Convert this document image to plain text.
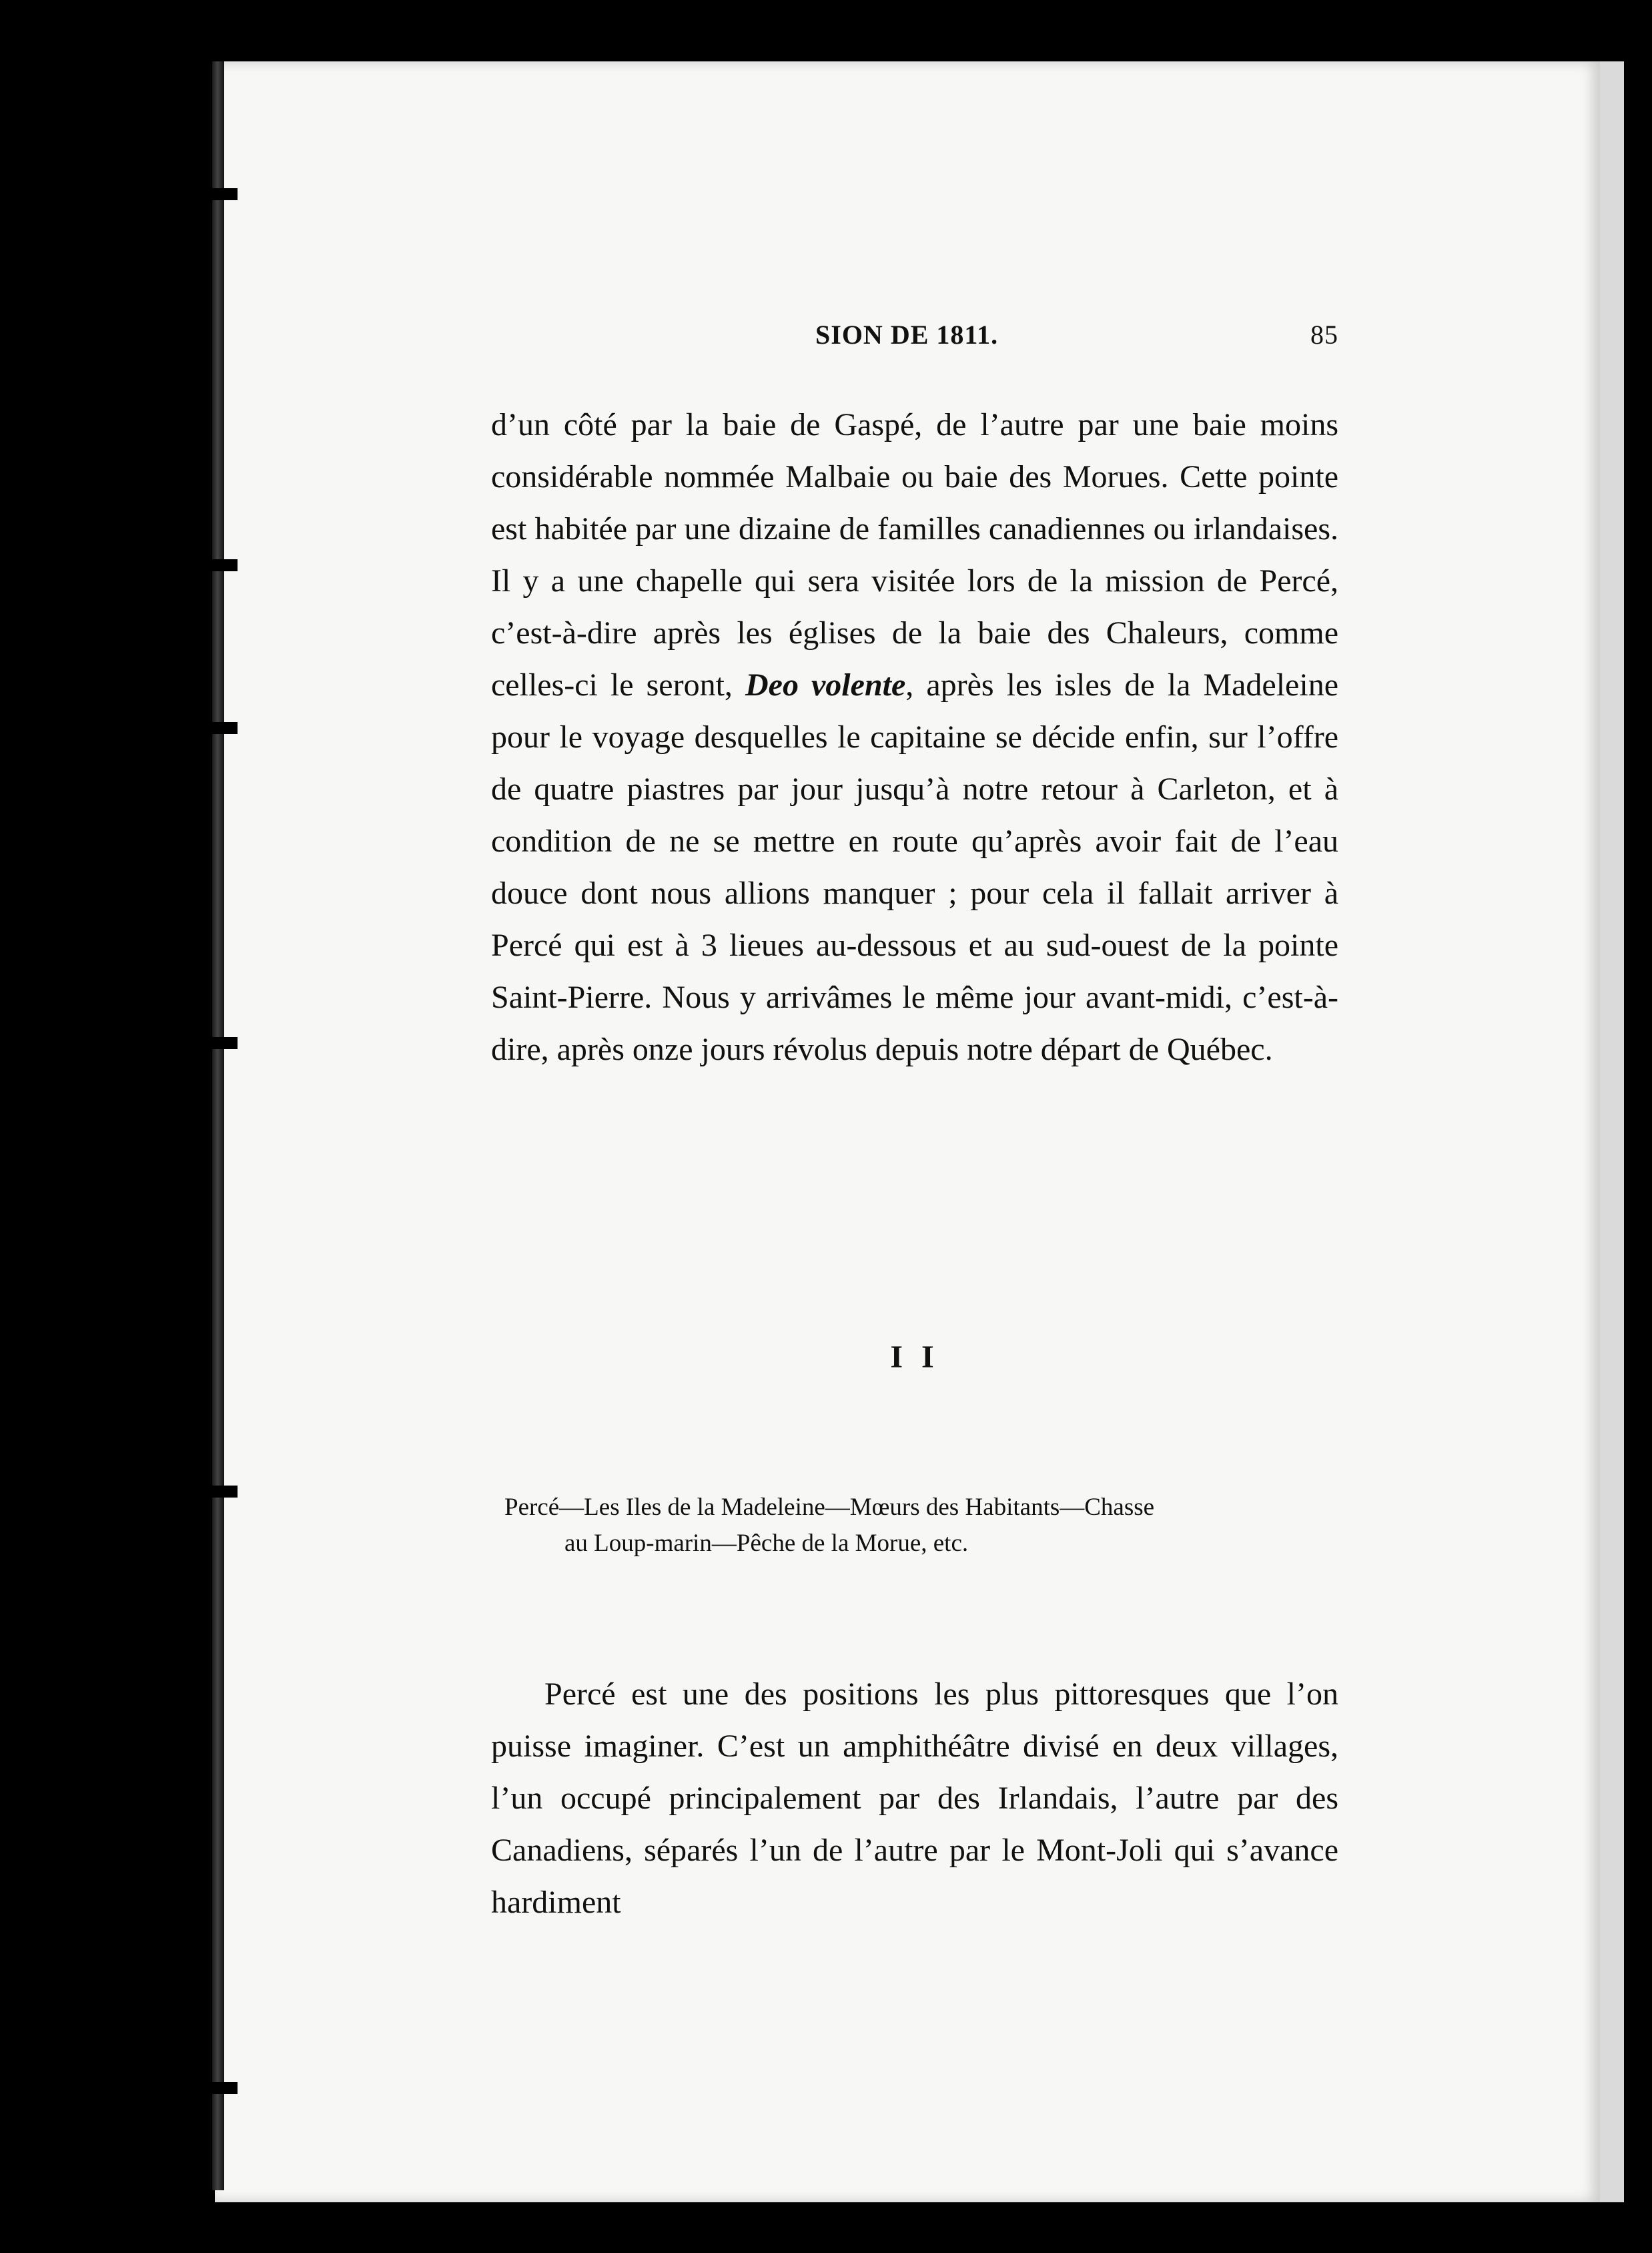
SION DE 1811.	85
d’un côté par la baie de Gaspé, de l’autre par une baie moins considérable nommée Malbaie ou baie des Morues. Cette pointe est habitée par une dizaine de familles canadiennes ou irlandaises. Il y a une chapelle qui sera visitée lors de la mission de Percé, c’est-à-dire après les églises de la baie des Chaleurs, comme celles-ci le seront, Deo volente, après les isles de la Madeleine pour le voyage desquelles le capitaine se décide enfin, sur l’offre de quatre piastres par jour jusqu’à notre retour à Carleton, et à condition de ne se mettre en route qu’après avoir fait de l’eau douce dont nous allions manquer ; pour cela il fallait arriver à Percé qui est à 3 lieues au-dessous et au sud-ouest de la pointe Saint-Pierre. Nous y arrivâmes le même jour avant-midi, c’est-à-dire, après onze jours révolus depuis notre départ de Québec.
I I
Percé—Les Iles de la Madeleine—Mœurs des Habitants—Chasse
au Loup-marin—Pêche de la Morue, etc.
Percé est une des positions les plus pittoresques que l’on puisse imaginer. C’est un amphithéâtre divisé en deux villages, l’un occupé principalement par des Irlandais, l’autre par des Canadiens, séparés l’un de l’autre par le Mont-Joli qui s’avance hardiment
